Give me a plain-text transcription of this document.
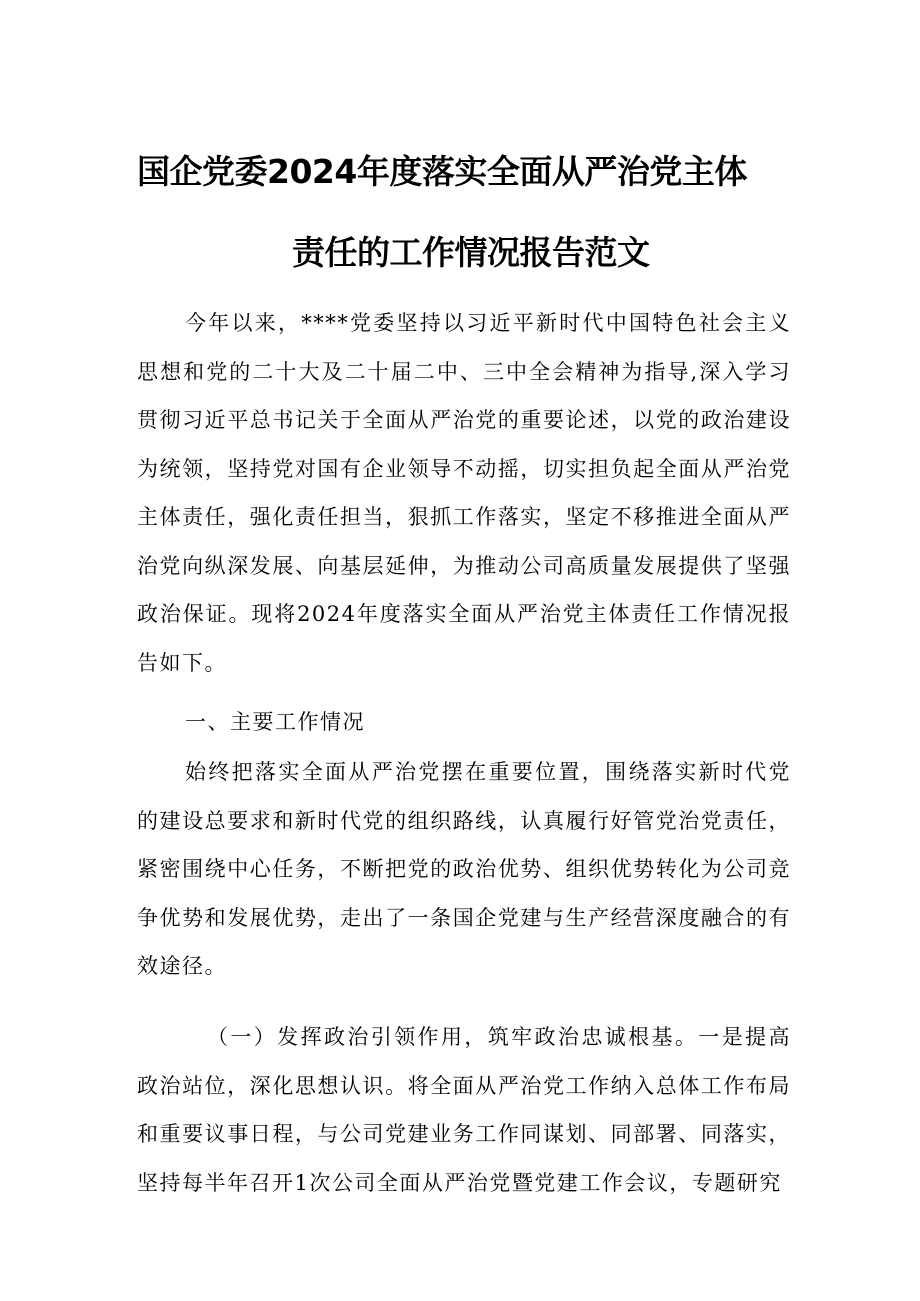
国企党委2024年度落实全面从严治党主体
责任的工作情况报告范文

今年以来，****党委坚持以习近平新时代中国特色社会主义思想和党的二十大及二十届二中、三中全会精神为指导,深入学习贯彻习近平总书记关于全面从严治党的重要论述，以党的政治建设为统领，坚持党对国有企业领导不动摇，切实担负起全面从严治党主体责任，强化责任担当，狠抓工作落实，坚定不移推进全面从严治党向纵深发展、向基层延伸，为推动公司高质量发展提供了坚强政治保证。现将2024年度落实全面从严治党主体责任工作情况报告如下。

一、主要工作情况

始终把落实全面从严治党摆在重要位置，围绕落实新时代党的建设总要求和新时代党的组织路线，认真履行好管党治党责任，紧密围绕中心任务，不断把党的政治优势、组织优势转化为公司竞争优势和发展优势，走出了一条国企党建与生产经营深度融合的有效途径。

（一）发挥政治引领作用，筑牢政治忠诚根基。一是提高政治站位，深化思想认识。将全面从严治党工作纳入总体工作布局和重要议事日程，与公司党建业务工作同谋划、同部署、同落实，坚持每半年召开1次公司全面从严治党暨党建工作会议，专题研究
